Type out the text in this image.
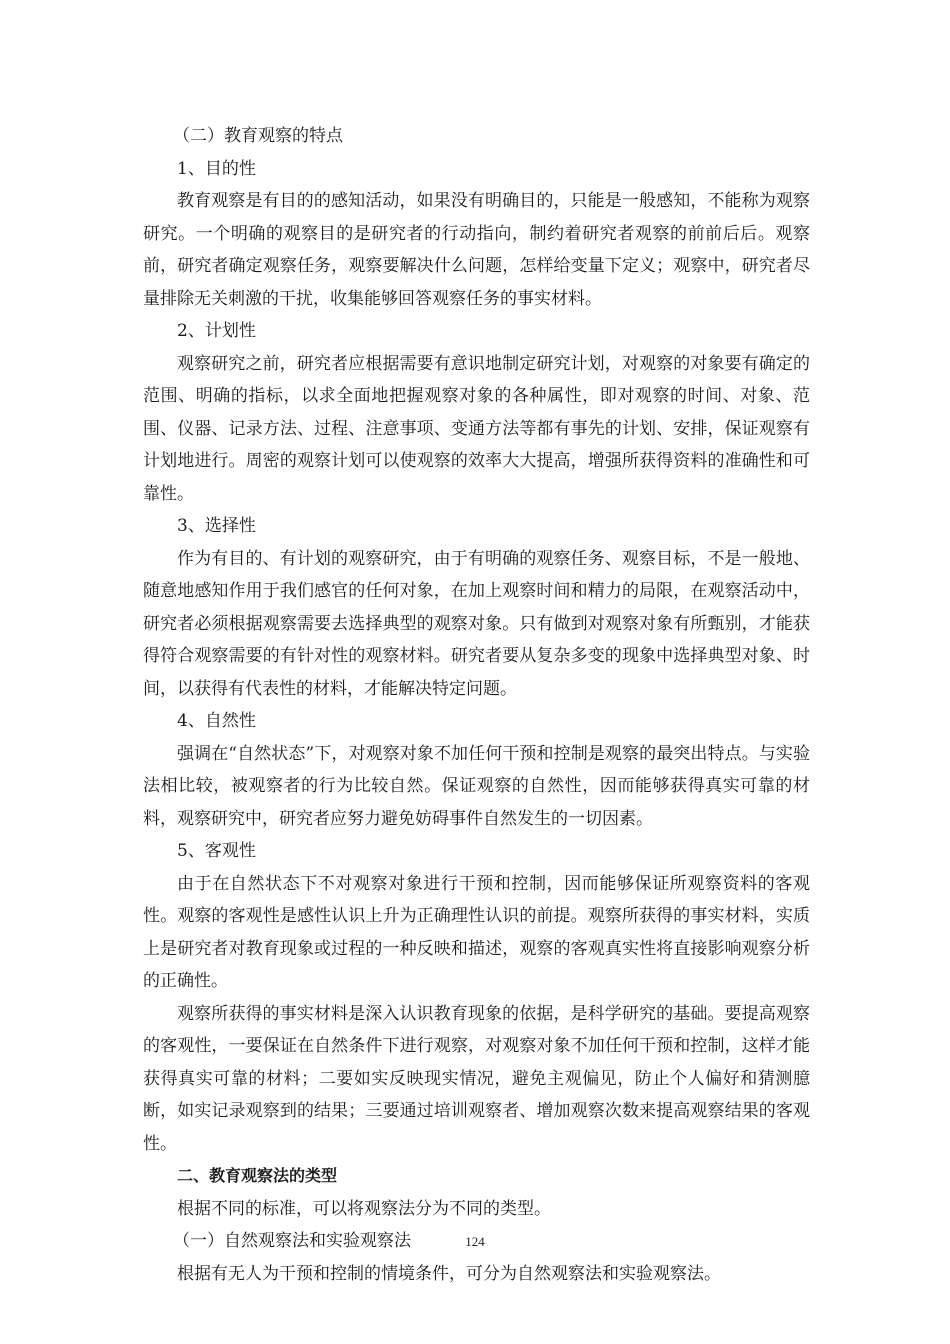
（二）教育观察的特点

1、目的性

教育观察是有目的的感知活动，如果没有明确目的，只能是一般感知，不能称为观察研究。一个明确的观察目的是研究者的行动指向，制约着研究者观察的前前后后。观察前，研究者确定观察任务，观察要解决什么问题，怎样给变量下定义；观察中，研究者尽量排除无关刺激的干扰，收集能够回答观察任务的事实材料。

2、计划性

观察研究之前，研究者应根据需要有意识地制定研究计划，对观察的对象要有确定的范围、明确的指标，以求全面地把握观察对象的各种属性，即对观察的时间、对象、范围、仪器、记录方法、过程、注意事项、变通方法等都有事先的计划、安排，保证观察有计划地进行。周密的观察计划可以使观察的效率大大提高，增强所获得资料的准确性和可靠性。

3、选择性

作为有目的、有计划的观察研究，由于有明确的观察任务、观察目标，不是一般地、随意地感知作用于我们感官的任何对象，在加上观察时间和精力的局限，在观察活动中，研究者必须根据观察需要去选择典型的观察对象。只有做到对观察对象有所甄别，才能获得符合观察需要的有针对性的观察材料。研究者要从复杂多变的现象中选择典型对象、时间，以获得有代表性的材料，才能解决特定问题。

4、自然性

强调在“自然状态”下，对观察对象不加任何干预和控制是观察的最突出特点。与实验法相比较，被观察者的行为比较自然。保证观察的自然性，因而能够获得真实可靠的材料，观察研究中，研究者应努力避免妨碍事件自然发生的一切因素。

5、客观性

由于在自然状态下不对观察对象进行干预和控制，因而能够保证所观察资料的客观性。观察的客观性是感性认识上升为正确理性认识的前提。观察所获得的事实材料，实质上是研究者对教育现象或过程的一种反映和描述，观察的客观真实性将直接影响观察分析的正确性。

观察所获得的事实材料是深入认识教育现象的依据，是科学研究的基础。要提高观察的客观性，一要保证在自然条件下进行观察，对观察对象不加任何干预和控制，这样才能获得真实可靠的材料；二要如实反映现实情况，避免主观偏见，防止个人偏好和猜测臆断，如实记录观察到的结果；三要通过培训观察者、增加观察次数来提高观察结果的客观性。

二、教育观察法的类型

根据不同的标准，可以将观察法分为不同的类型。

（一）自然观察法和实验观察法

根据有无人为干预和控制的情境条件，可分为自然观察法和实验观察法。

124
